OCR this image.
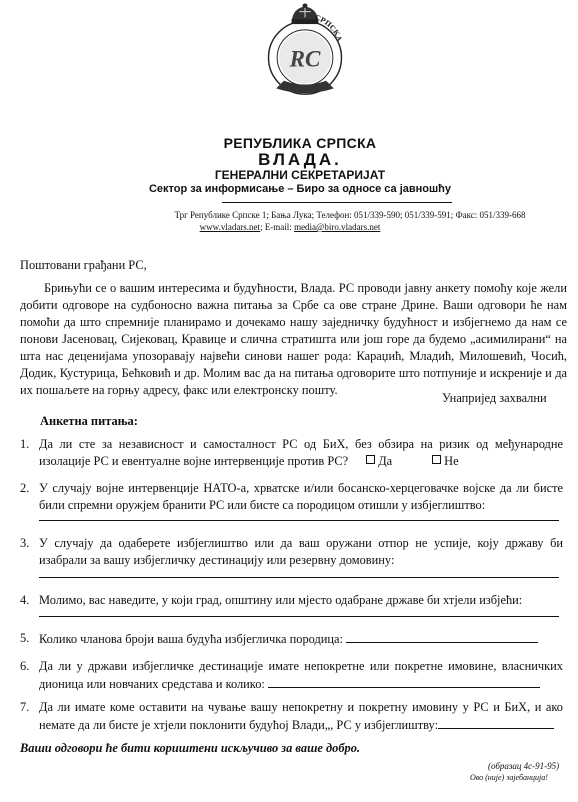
СРПСКА
RC
РЕПУБЛИКА СРПСКА
ВЛАДА.
ГЕНЕРАЛНИ СЕКРЕТАРИЈАТ
Сектор за информисање – Биро за односе са јавношћу
Трг Републике Српске 1; Бања Лука; Телефон: 051/339-590; 051/339-591; Факс: 051/339-668
www.vladars.net; E-mail: media@biro.vladars.net
Поштовани грађани РС,
Брињући се о вашим интересима и будућности, Влада. РС проводи јавну анкету помоћу које жели добити одговоре на судбоносно важна питања за Србе са ове стране Дрине. Ваши одговори ће нам помоћи да што спремније планирамо и дочекамо нашу заједничку будућност и избјегнемо да нам се понови Јасеновац, Сијековац, Кравице и слична стратишта или још горе да будемо „асимилирани“ на шта нас деценијама упозоравају највећи синови нашег рода: Караџић, Младић, Милошевић, Чосић, Додик, Кустурица, Бећковић и др. Молим вас да на питања одговорите што потпуније и искреније и да их пошаљете на горњу адресу, факс или електронску пошту.
Унапријед захвални
Анкетна питања:
1. Да ли сте за независност и самосталност РС од БиХ, без обзира на ризик од међународне изолације РС и евентуалне војне интервенције против РС? Да	Не
2. У случају војне интервенције НАТО-а, хрватске и/или босанско-херцеговачке војске да ли бисте били спремни оружјем бранити РС или бисте са породицом отишли у избјеглиштво:
3. У случају да одаберете избјеглиштво или да ваш оружани отпор не успије, коју државу би изабрали за вашу избјегличку дестинацију или резервну домовину:
4. Молимо, вас наведите, у који град, општину или мјесто одабране државе би хтјели избјећи:
5. Колико чланова броји ваша будућа избјегличка породица:
6. Да ли у држави избјегличке дестинације имате непокретне или покретне имовине, власничких дионица или новчаних средстава и колико:
7. Да ли имате коме оставити на чување вашу непокретну и покретну имовину у РС и БиХ, и ако немате да ли бисте је хтјели поклонити будућој Влади„, РС у избјеглиштву:
Ваши одговори ће бити кориштени искључиво за ваше добро.
(образац 4с-91-95)
Ово (није) зајебанција!
